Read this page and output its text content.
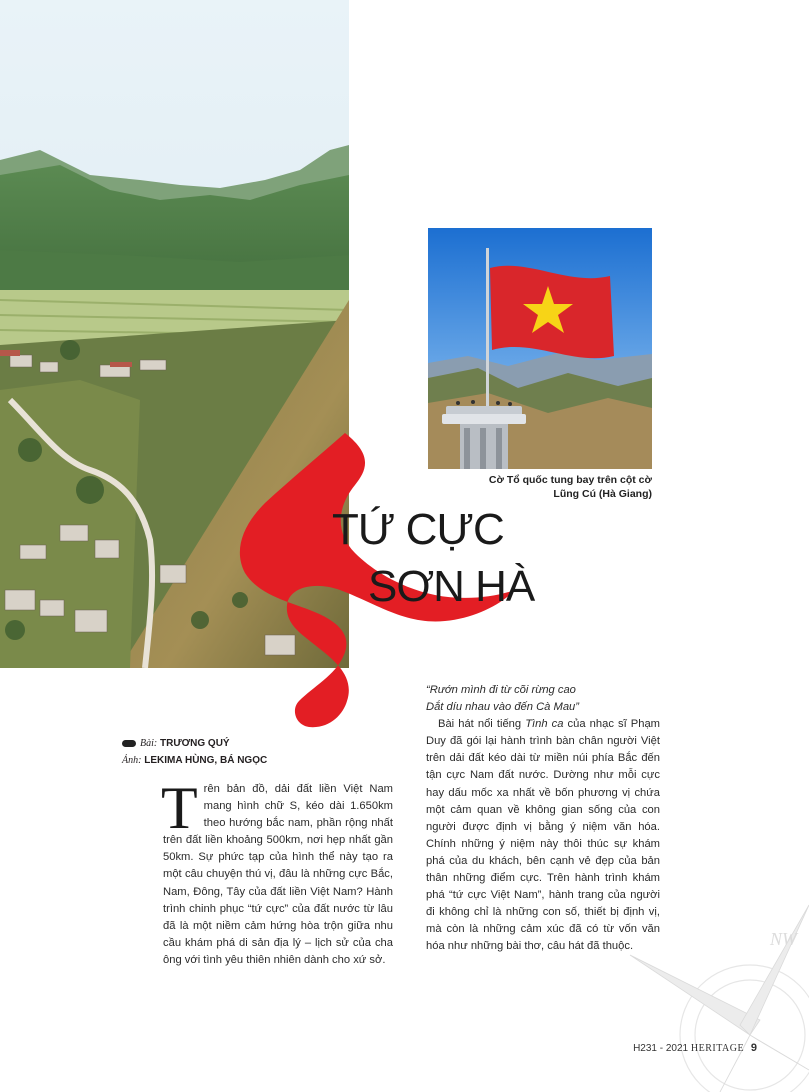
Cờ Tổ quốc tung bay trên cột cờ
Lũng Cú (Hà Giang)
TỨ CỰC
SƠN HÀ
Bài: TRƯƠNG QUÝ
Ảnh: LEKIMA HÙNG, BÁ NGỌC

Trên bản đồ, dải đất liền Việt Nam mang hình chữ S, kéo dài 1.650km theo hướng bắc nam, phần rộng nhất trên đất liền khoảng 500km, nơi hẹp nhất gần 50km. Sự phức tạp của hình thể này tạo ra một câu chuyện thú vị, đâu là những cực Bắc, Nam, Đông, Tây của đất liền Việt Nam? Hành trình chinh phục “tứ cực” của đất nước từ lâu đã là một niềm cảm hứng hòa trộn giữa nhu cầu khám phá di sản địa lý – lịch sử của cha ông với tình yêu thiên nhiên dành cho xứ sở.

“Rướn mình đi từ cõi rừng cao
Dắt díu nhau vào đến Cà Mau”

Bài hát nổi tiếng Tình ca của nhạc sĩ Phạm Duy đã gói lại hành trình bàn chân người Việt trên dải đất kéo dài từ miền núi phía Bắc đến tận cực Nam đất nước. Dường như mỗi cực hay dấu mốc xa nhất về bốn phương vị chứa một cảm quan về không gian sống của con người được định vị bằng ý niệm văn hóa. Chính những ý niệm này thôi thúc sự khám phá của du khách, bên cạnh vẻ đẹp của bản thân những điểm cực. Trên hành trình khám phá “tứ cực Việt Nam”, hành trang của người đi không chỉ là những con số, thiết bị định vị, mà còn là những cảm xúc đã có từ vốn văn hóa như những bài thơ, câu hát đã thuộc.	NW
H231 - 2021 HERITAGE 9
